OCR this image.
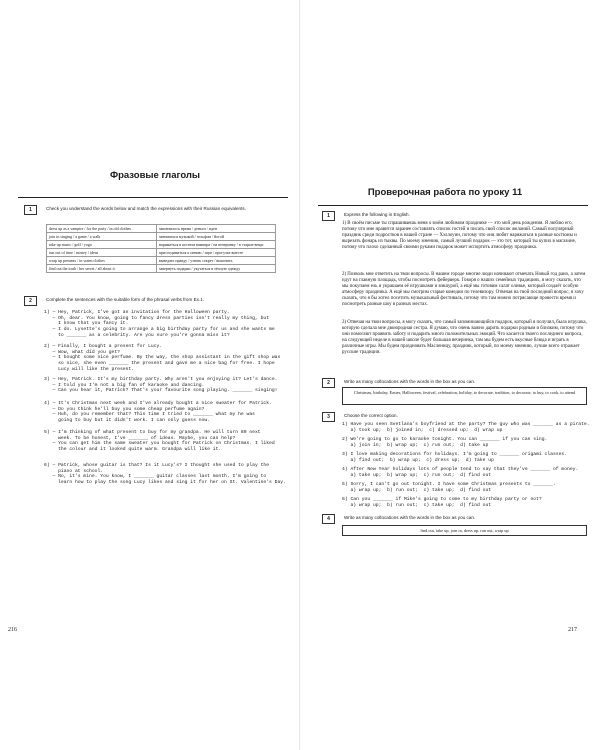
Фразовые глаголы
1	Check you understand the words below and match the expressions with their Russian equivalents.
dress up as a vampire / for the party / in old clothes	закончилось время / деньги / идеи
join in singing / a game / a walk	заниматься музыкой / гольфом / йогой
take up music / golf / yoga	наряжаться в костюм вампира / на вечеринку / в старые вещи
run out of time / money / ideas	присоединиться к пению / игре / прогулке вместе
wrap up presents / in warm clothes	выведать правду / узнать секрет / выяснить
find out the truth / her secret / all about it	завернуть подарки / укутаться в тёплую одежду
2	Complete the sentences with the suitable form of the phrasal verbs from Ex.1.
1) — Hey, Patrick, I've got an invitation for the Halloween party.
— Oh, dear. You know, going to fancy dress parties isn't really my thing, but
I know that you fancy it.
— I do. Lysette's going to arrange a big birthday party for us and she wants me
to _______ as a celebrity. Are you sure you're gonna miss it?
2) — Finally, I bought a present for Lucy.
— Wow, what did you get?
— I bought some nice perfume. By the way, the shop assistant in the gift shop was
so nice, she even _______ the present and gave me a nice bag for free. I hope
Lucy will like the present.
3) — Hey, Patrick. It's my birthday party. Why aren't you enjoying it? Let's dance.
— I told you I'm not a big fan of karaoke and dancing.
— Can you hear it, Patrick? That's your favourite song playing. _______ singing!
4) — It's Christmas next week and I've already bought a nice sweater for Patrick.
— Do you think he'll buy you some cheap perfume again?
— Huh, do you remember that? This time I tried to _______ what my he was
going to buy but it didn't work. I can only guess now.
5) — I'm thinking of what present to buy for my grandpa. He will turn 80 next
week. To be honest, I've _______ of ideas. Maybe, you can help?
— You can get him the same sweater you bought for Patrick on Christmas. I liked
the colour and it looked quite warm. Grandpa will like it.
6) — Patrick, whose guitar is that? Is it Lucy's? I thought she used to play the
piano at school.
— No, it's mine. You know, I _______ guitar classes last month. I'm going to
learn how to play the song Lucy likes and sing it for her on St. Valentine's Day.
216
Проверочная работа по уроку 11
1	Express the following in English.
1) В своём письме ты спрашиваешь меня о моём любимом празднике — это мой день рождения. Я люблю его, потому что мне нравится заранее составлять список гостей и писать свой список желаний. Самый популярный праздник среди подростков в нашей стране — Хэллоуин, потому что они любят наряжаться в разные костюмы и вырезать фонарь из тыквы. По моему мнению, самый лучший подарок — это тот, который ты купил в магазине, потому что плохо сделанный своими руками подарок может испортить атмосферу праздника.
2) Позволь мне ответить на твои вопросы. В нашем городе многие люди начинают отмечать Новый год рано, а затем идут на главную площадь, чтобы посмотреть фейерверк. Говоря о наших семейных традициях, я могу сказать, что мы покупаем ель и украшаем её игрушками и мишурой, а ещё мы готовим салат оливье, который создаёт особую атмосферу праздника. А ещё мы смотрим старые комедии по телевизору. Отвечая на твой последний вопрос, я хочу сказать, что я бы хотел посетить музыкальный фестиваль, потому что там можно потрясающе провести время и посмотреть разные шоу в разных местах.
3) Отвечая на твои вопросы, я могу сказать, что самый запоминающийся подарок, который я получил, была игрушка, которую сделала мне двоюродная сестра. Я думаю, что очень важно дарить подарки родным и близким, потому что они помогают проявить заботу и подарить много положительных эмоций. Что касается твоего последнего вопроса, на следующей неделе в нашей школе будет большая вечеринка, там мы будем есть вкусные блюда и играть в различные игры. Мы будем праздновать Масленицу, праздник, который, по моему мнению, лучше всего отражает русские традиции.
2	Write as many collocations with the words in the box as you can.
Christmas, birthday, Easter, Halloween, festival, celebration, holiday, to decorate, tradition, to decorate, to buy, to cook, to attend
3	Choose the correct option.
1) Have you seen Svetlana's boyfriend at the party? The guy who was _______ as a pirate.
a) took up;  b) joined in;  c) dressed up;  d) wrap up
2) We're going to go to karaoke tonight. You can _______ if you can sing.
a) join in;  b) wrap up;  c) run out;  d) take up
3) I love making decorations for holidays. I'm going to _______ origami classes.
a) find out;  b) wrap up;  c) dress up;  d) take up
4) After New Year holidays lots of people tend to say that they've _______ of money.
a) take up;  b) wrap up;  c) run out;  d) find out
5) Sorry, I can't go out tonight. I have some Christmas presents to _______.
a) wrap up;  b) run out;  c) take up;  d) find out
6) Can you _______ if Mike's going to come to my birthday party or not?
a) wrap up;  b) run out;  c) take up;  d) find out
4	Write as many collocations with the words in the box as you can.
find out, take up, join in, dress up, run out, wrap up
217
